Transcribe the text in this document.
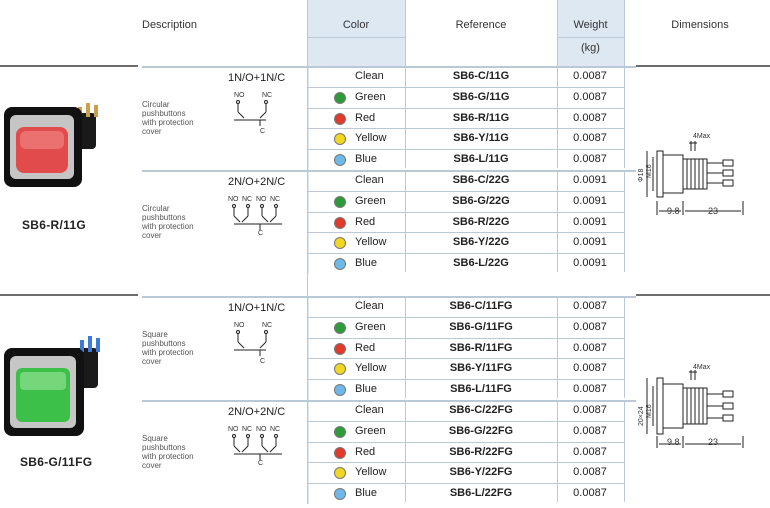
Description	Color	Reference	Weight
(kg)
Dimensions
Circular
pushbuttons
with protection
cover
1N/O+1N/C
NO	NC
C
Clean	SB6-C/11G	0.0087
Green	SB6-G/11G	0.0087
Red	SB6-R/11G	0.0087
Yellow	SB6-Y/11G	0.0087
Blue	SB6-L/11G	0.0087
Circular
pushbuttons
with protection
cover
2N/O+2N/C
NO NC NO NC
C
Clean	SB6-C/22G	0.0091
Green	SB6-G/22G	0.0091
Red	SB6-R/22G	0.0091
Yellow	SB6-Y/22G	0.0091
Blue	SB6-L/22G	0.0091
Square
pushbuttons
with protection
cover
1N/O+1N/C
NO	NC
C
Clean	SB6-C/11FG	0.0087
Green	SB6-G/11FG	0.0087
Red	SB6-R/11FG	0.0087
Yellow	SB6-Y/11FG	0.0087
Blue	SB6-L/11FG	0.0087
Square
pushbuttons
with protection
cover
2N/O+2N/C
NO NC NO NC
C
Clean	SB6-C/22FG	0.0087
Green	SB6-G/22FG	0.0087
Red	SB6-R/22FG	0.0087
Yellow	SB6-Y/22FG	0.0087
Blue	SB6-L/22FG	0.0087
SB6-R/11G
SB6-G/11FG
4Max
Φ18 M16
9.8	23
4Max
20×24 M16
9.8	23
